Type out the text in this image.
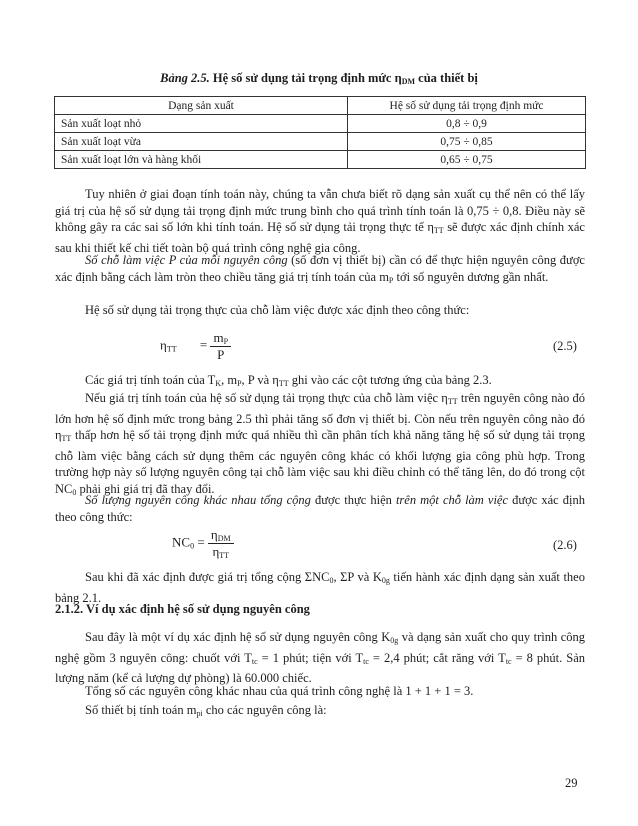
Bảng 2.5. Hệ số sử dụng tải trọng định mức $\eta_{DM}$ của thiết bị
Dạng sản xuất	Hệ số sử dụng tải trọng định mức
Sản xuất loạt nhỏ	0,8 ÷ 0,9
Sản xuất loạt vừa	0,75 ÷ 0,85
Sản xuất loạt lớn và hàng khối	0,65 ÷ 0,75

Tuy nhiên ở giai đoạn tính toán này, chúng ta vẫn chưa biết rõ dạng sản xuất cụ thể nên có thể lấy giá trị của hệ số sử dụng tải trọng định mức trung bình cho quá trình tính toán là 0,75 ÷ 0,8. Điều này sẽ không gây ra các sai số lớn khi tính toán. Hệ số sử dụng tải trọng thực tế $\eta_{TT}$ sẽ được xác định chính xác sau khi thiết kế chi tiết toàn bộ quá trình công nghệ gia công.

Số chỗ làm việc P của mỗi nguyên công (số đơn vị thiết bị) cần có để thực hiện nguyên công được xác định bằng cách làm tròn theo chiều tăng giá trị tính toán của $m_P$ tới số nguyên dương gần nhất.

Hệ số sử dụng tải trọng thực của chỗ làm việc được xác định theo công thức:

$\eta_{TT} = \frac{m_P}{P}$	(2.5)

Các giá trị tính toán của $T_K$, $m_P$, P và $\eta_{TT}$ ghi vào các cột tương ứng của bảng 2.3.

Nếu giá trị tính toán của hệ số sử dụng tải trọng thực của chỗ làm việc $\eta_{TT}$ trên nguyên công nào đó lớn hơn hệ số định mức trong bảng 2.5 thì phải tăng số đơn vị thiết bị. Còn nếu trên nguyên công nào đó $\eta_{TT}$ thấp hơn hệ số tải trọng định mức quá nhiều thì cần phân tích khả năng tăng hệ số sử dụng tải trọng chỗ làm việc bằng cách sử dụng thêm các nguyên công khác có khối lượng gia công phù hợp. Trong trường hợp này số lượng nguyên công tại chỗ làm việc sau khi điều chỉnh có thể tăng lên, do đó trong cột $NC_0$ phải ghi giá trị đã thay đổi.

Số lượng nguyên công khác nhau tổng cộng được thực hiện trên một chỗ làm việc được xác định theo công thức:

$NC_0 = \frac{\eta_{DM}}{\eta_{TT}}$	(2.6)

Sau khi đã xác định được giá trị tổng cộng $\Sigma NC_0$, ΣP và $K_{0g}$ tiến hành xác định dạng sản xuất theo bảng 2.1.

2.1.2. Ví dụ xác định hệ số sử dụng nguyên công

Sau đây là một ví dụ xác định hệ số sử dụng nguyên công $K_{0g}$ và dạng sản xuất cho quy trình công nghệ gồm 3 nguyên công: chuốt với $T_{tc} = 1$ phút; tiện với $T_{tc} = 2,4$ phút; cắt răng với $T_{tc} = 8$ phút. Sản lượng năm (kể cả lượng dự phòng) là 60.000 chiếc.

Tổng số các nguyên công khác nhau của quá trình công nghệ là 1 + 1 + 1 = 3.

Số thiết bị tính toán $m_{pi}$ cho các nguyên công là:

29
